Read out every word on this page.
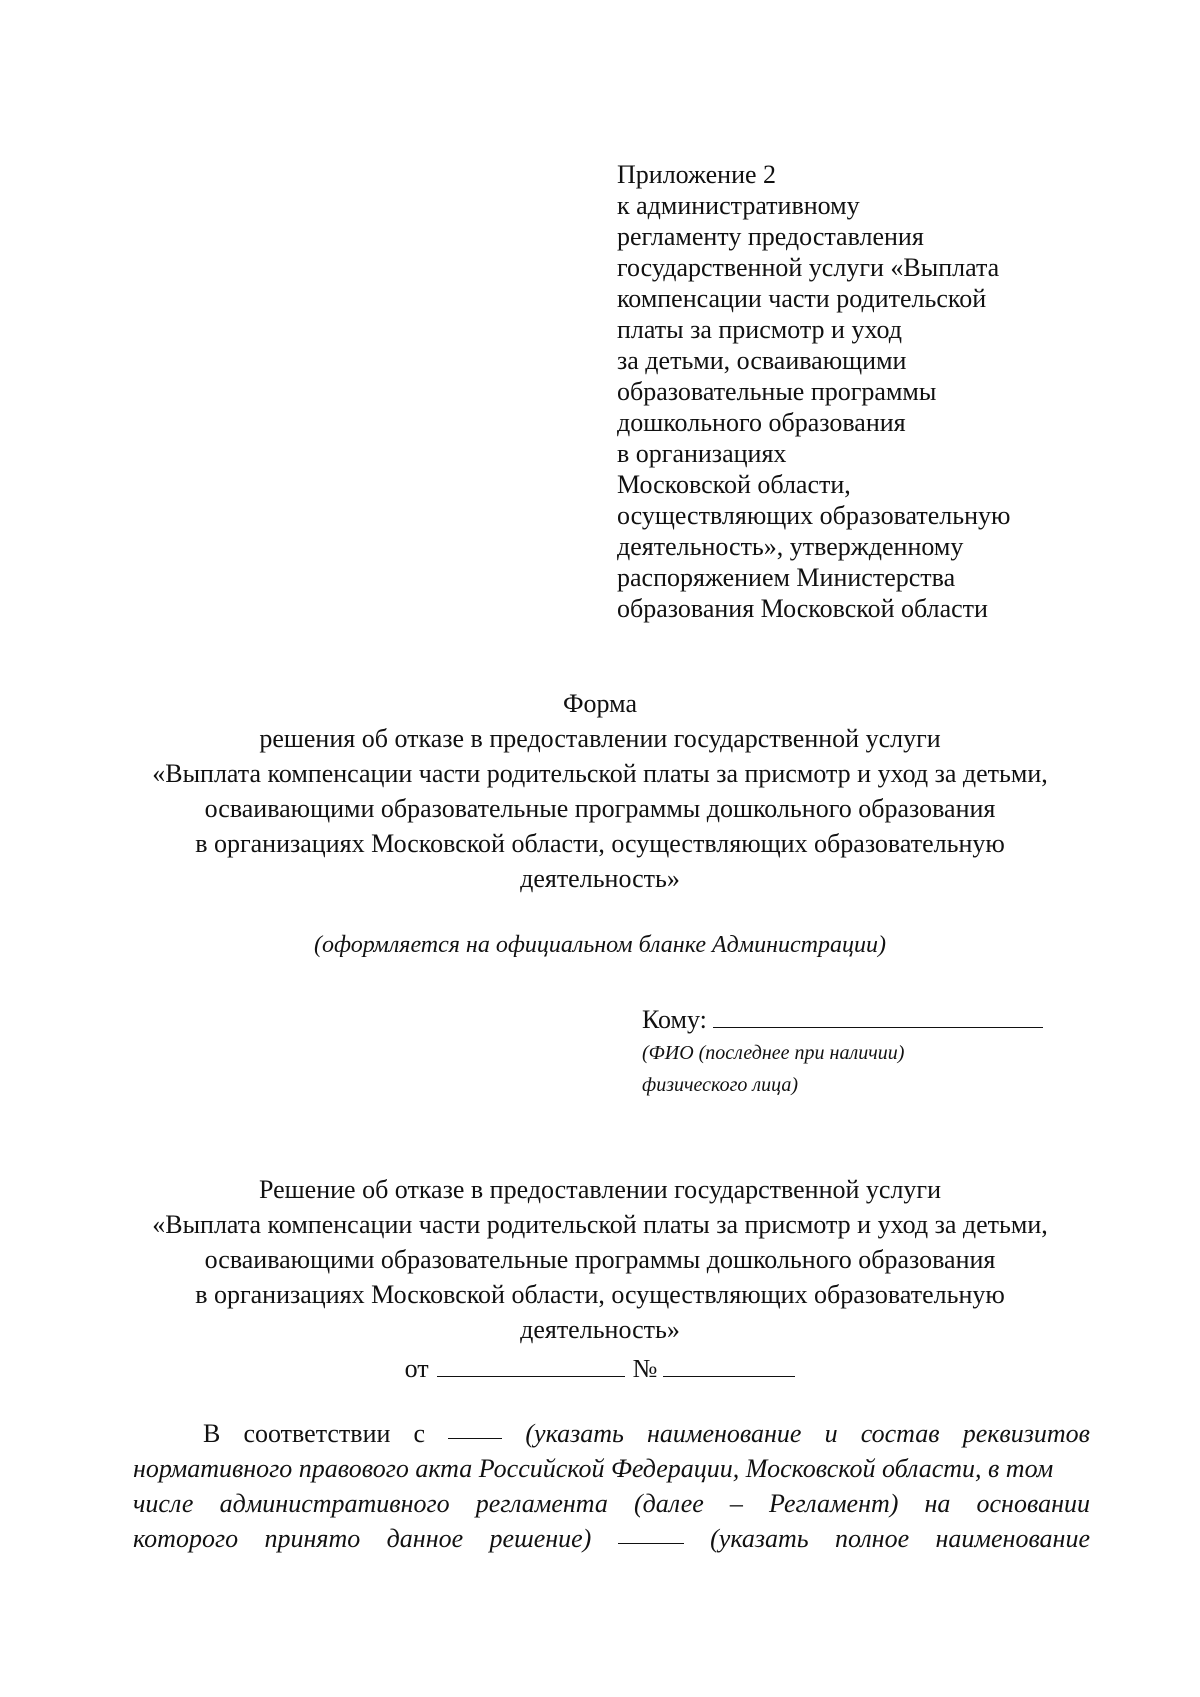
Приложение 2
к административному
регламенту предоставления
государственной услуги «Выплата
компенсации части родительской
платы за присмотр и уход
за детьми, осваивающими
образовательные программы
дошкольного образования
в организациях
Московской области,
осуществляющих образовательную
деятельность», утвержденному
распоряжением Министерства
образования Московской области
Форма
решения об отказе в предоставлении государственной услуги
«Выплата компенсации части родительской платы за присмотр и уход за детьми,
осваивающими образовательные программы дошкольного образования
в организациях Московской области, осуществляющих образовательную
деятельность»
(оформляется на официальном бланке Администрации)
Кому:
(ФИО (последнее при наличии)
физического лица)
Решение об отказе в предоставлении государственной услуги
«Выплата компенсации части родительской платы за присмотр и уход за детьми,
осваивающими образовательные программы дошкольного образования
в организациях Московской области, осуществляющих образовательную
деятельность»
от	№
В соответствии с	(указать наименование и состав реквизитов
нормативного правового акта Российской Федерации, Московской области, в том
числе административного регламента (далее – Регламент) на основании
которого принято данное решение)	(указать полное наименование
